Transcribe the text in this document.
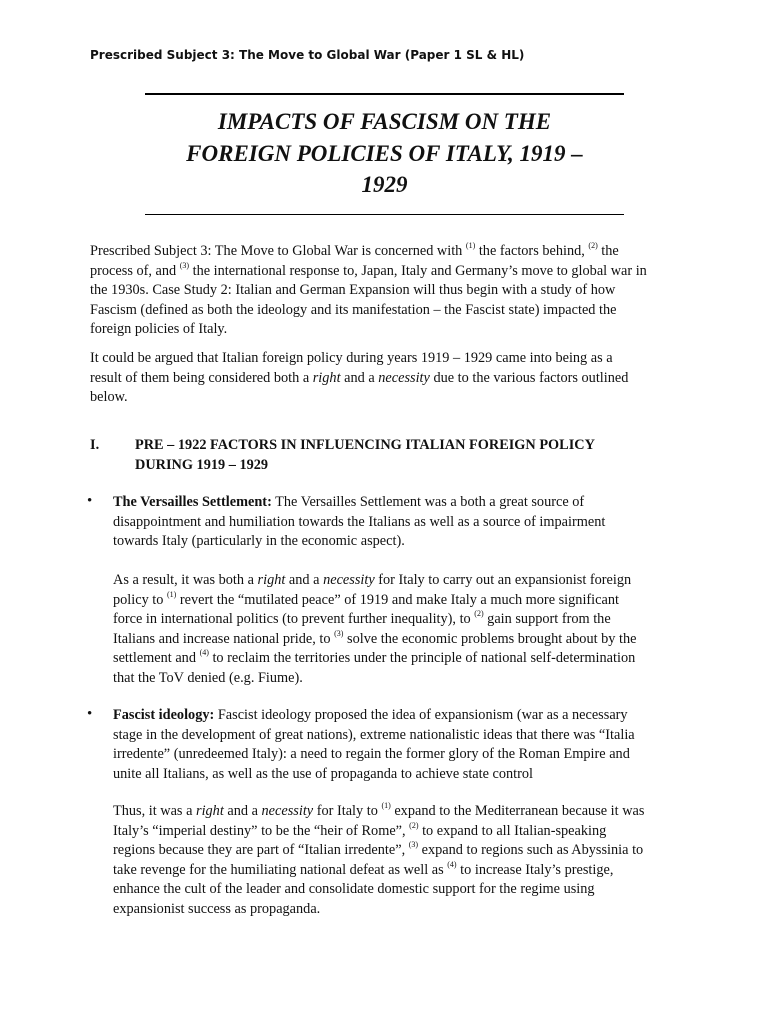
Prescribed Subject 3: The Move to Global War (Paper 1 SL & HL)
IMPACTS OF FASCISM ON THE
FOREIGN POLICIES OF ITALY, 1919 –
1929
Prescribed Subject 3: The Move to Global War is concerned with $^{(1)}$ the factors behind, $^{(2)}$ the
process of, and $^{(3)}$ the international response to, Japan, Italy and Germany’s move to global war in
the 1930s. Case Study 2: Italian and German Expansion will thus begin with a study of how
Fascism (defined as both the ideology and its manifestation – the Fascist state) impacted the
foreign policies of Italy.
It could be argued that Italian foreign policy during years 1919 – 1929 came into being as a
result of them being considered both a right and a necessity due to the various factors outlined
below.
I.	PRE – 1922 FACTORS IN INFLUENCING ITALIAN FOREIGN POLICY
DURING 1919 – 1929
• The Versailles Settlement: The Versailles Settlement was a both a great source of
disappointment and humiliation towards the Italians as well as a source of impairment
towards Italy (particularly in the economic aspect).
As a result, it was both a right and a necessity for Italy to carry out an expansionist foreign
policy to $^{(1)}$ revert the “mutilated peace” of 1919 and make Italy a much more significant
force in international politics (to prevent further inequality), to $^{(2)}$ gain support from the
Italians and increase national pride, to $^{(3)}$ solve the economic problems brought about by the
settlement and $^{(4)}$ to reclaim the territories under the principle of national self-determination
that the ToV denied (e.g. Fiume).
• Fascist ideology: Fascist ideology proposed the idea of expansionism (war as a necessary
stage in the development of great nations), extreme nationalistic ideas that there was “Italia
irredente” (unredeemed Italy): a need to regain the former glory of the Roman Empire and
unite all Italians, as well as the use of propaganda to achieve state control
Thus, it was a right and a necessity for Italy to $^{(1)}$ expand to the Mediterranean because it was
Italy’s “imperial destiny” to be the “heir of Rome”, $^{(2)}$ to expand to all Italian-speaking
regions because they are part of “Italian irredente”, $^{(3)}$ expand to regions such as Abyssinia to
take revenge for the humiliating national defeat as well as $^{(4)}$ to increase Italy’s prestige,
enhance the cult of the leader and consolidate domestic support for the regime using
expansionist success as propaganda.
